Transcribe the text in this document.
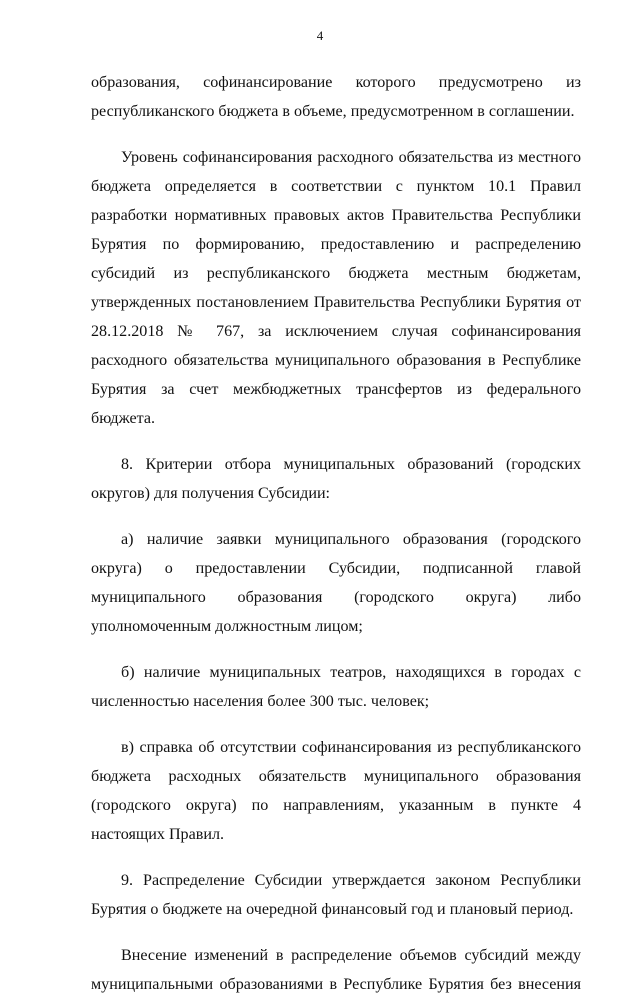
4

образования, софинансирование которого предусмотрено из республиканского бюджета в объеме, предусмотренном в соглашении.

Уровень софинансирования расходного обязательства из местного бюджета определяется в соответствии с пунктом 10.1 Правил разработки нормативных правовых актов Правительства Республики Бурятия по формированию, предоставлению и распределению субсидий из республиканского бюджета местным бюджетам, утвержденных постановлением Правительства Республики Бурятия от 28.12.2018 № 767, за исключением случая софинансирования расходного обязательства муниципального образования в Республике Бурятия за счет межбюджетных трансфертов из федерального бюджета.

8. Критерии отбора муниципальных образований (городских округов) для получения Субсидии:

а) наличие заявки муниципального образования (городского округа) о предоставлении Субсидии, подписанной главой муниципального образования (городского округа) либо уполномоченным должностным лицом;

б) наличие муниципальных театров, находящихся в городах с численностью населения более 300 тыс. человек;

в) справка об отсутствии софинансирования из республиканского бюджета расходных обязательств муниципального образования (городского округа) по направлениям, указанным в пункте 4 настоящих Правил.

9. Распределение Субсидии утверждается законом Республики Бурятия о бюджете на очередной финансовый год и плановый период.

Внесение изменений в распределение объемов субсидий между муниципальными образованиями в Республике Бурятия без внесения
